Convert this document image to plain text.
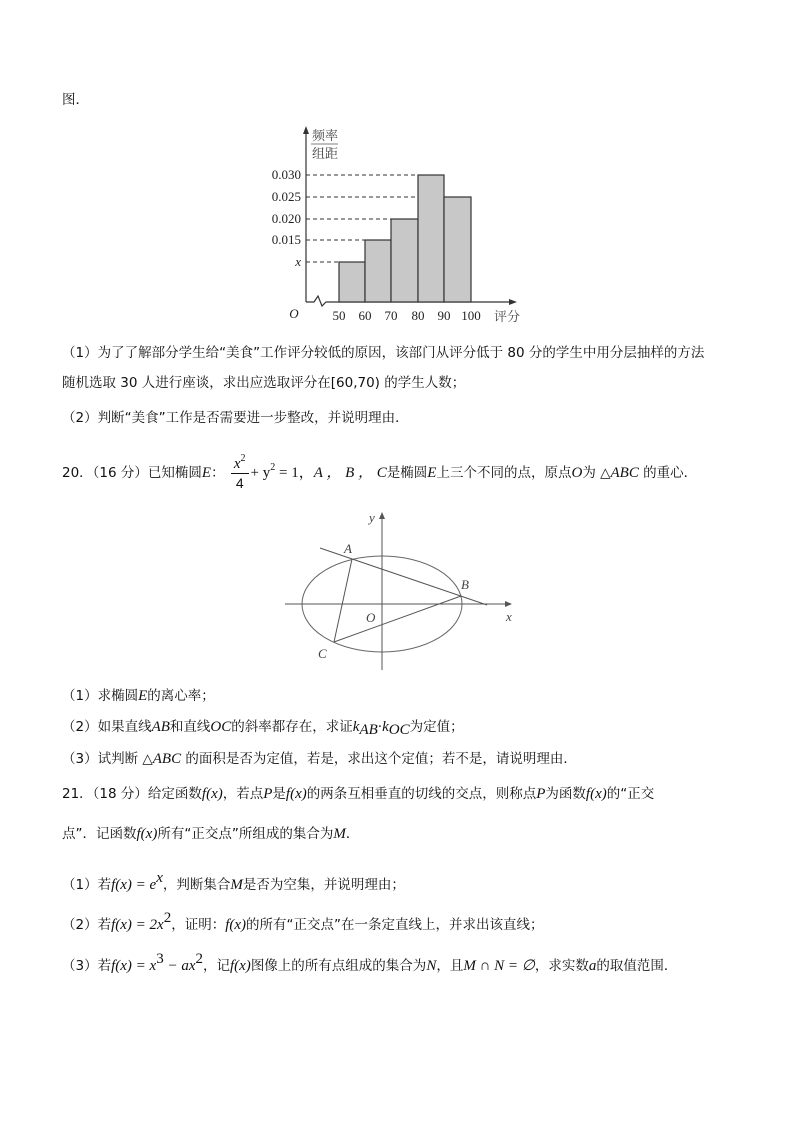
图．
频率
组距
0.030
0.025
0.020
0.015
x
O	50 60 70 80 90 100 评分
（1）为了了解部分学生给“美食”工作评分较低的原因，该部门从评分低于 80 分的学生中用分层抽样的方法
随机选取 30 人进行座谈，求出应选取评分在[60,70) 的学生人数；
（2）判断“美食”工作是否需要进一步整改，并说明理由．
20．（16 分）已知椭圆E： $\frac{x^2}{4} + y^2 = 1$，A ， B ， C是椭圆E上三个不同的点，原点O为 △ABC 的重心．
y
x
O
A
B
C
（1）求椭圆E的离心率；
（2）如果直线AB和直线OC的斜率都存在，求证$k_{AB}\cdot k_{OC}$为定值；
（3）试判断 △ABC 的面积是否为定值，若是，求出这个定值；若不是，请说明理由．
21．（18 分）给定函数f(x)，若点P是f(x)的两条互相垂直的切线的交点，则称点P为函数f(x)的“正交
点”．记函数f(x)所有“正交点”所组成的集合为M．
（1）若$f(x) = e^x$，判断集合M是否为空集，并说明理由；
（2）若$f(x) = 2x^2$，证明：f(x)的所有“正交点”在一条定直线上，并求出该直线；
（3）若$f(x) = x^3 - ax^2$，记f(x)图像上的所有点组成的集合为N，且M ∩ N = ∅，求实数a的取值范围．
